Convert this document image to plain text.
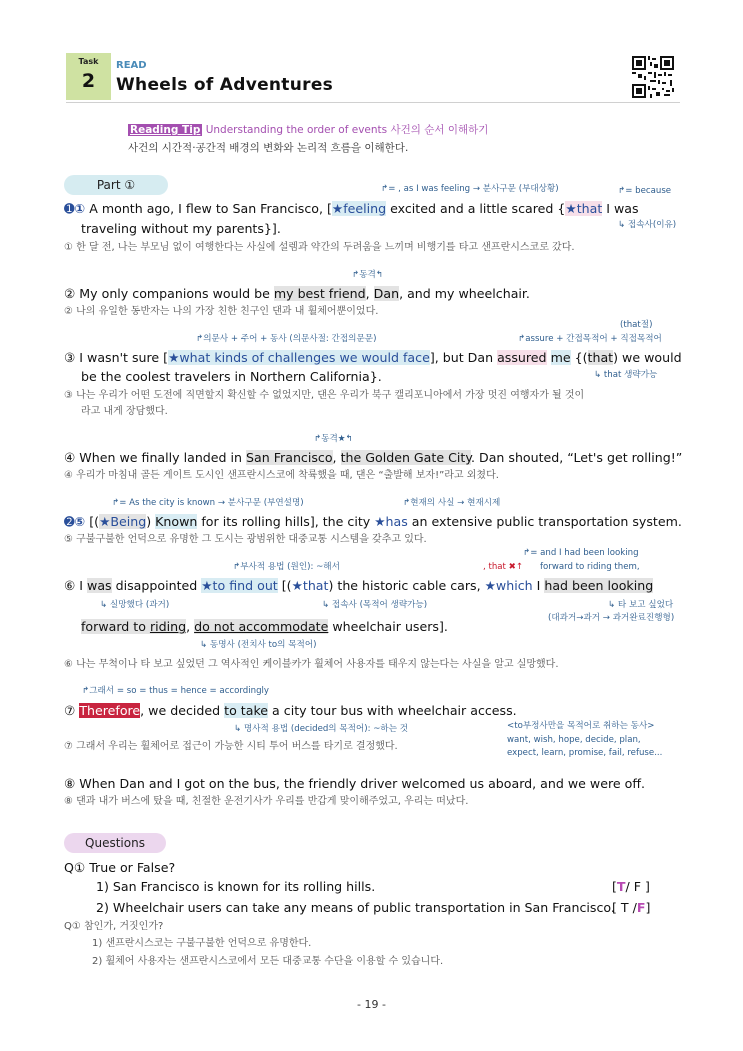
Task
2
READ
Wheels of Adventures
Reading Tip Understanding the order of events 사건의 순서 이해하기
사건의 시간적·공간적 배경의 변화와 논리적 흐름을 이해한다.
Part ①	↱= , as I was feeling → 분사구문 (부대상황)	↱= because
➊① A month ago, I flew to San Francisco, [★feeling excited and a little scared {★that I was
traveling without my parents}].	↳ 접속사(이유)
① 한 달 전, 나는 부모님 없이 여행한다는 사실에 설렘과 약간의 두려움을 느끼며 비행기를 타고 샌프란시스코로 갔다.
↱동격↰
② My only companions would be my best friend, Dan, and my wheelchair.
② 나의 유일한 동반자는 나의 가장 친한 친구인 댄과 내 휠체어뿐이었다.
(that절)
↱의문사 + 주어 + 동사 (의문사절: 간접의문문)	↱assure + 간접목적어 + 직접목적어
③ I wasn't sure [★what kinds of challenges we would face], but Dan assured me {(that) we would
be the coolest travelers in Northern California}.	↳ that 생략가능
③ 나는 우리가 어떤 도전에 직면할지 확신할 수 없었지만, 댄은 우리가 북구 캘리포니아에서 가장 멋진 여행자가 될 것이
라고 내게 장담했다.
↱동격★↰
④ When we finally landed in San Francisco, the Golden Gate City. Dan shouted, “Let's get rolling!”
④ 우리가 마침내 골든 게이트 도시인 샌프란시스코에 착륙했을 때, 댄은 “출발해 보자!”라고 외쳤다.
↱= As the city is known → 분사구문 (부연설명)	↱현재의 사실 → 현재시제
➋⑤ [(★Being) Known for its rolling hills], the city ★has an extensive public transportation system.
⑤ 구불구불한 언덕으로 유명한 그 도시는 광범위한 대중교통 시스템을 갖추고 있다.
↱= and I had been looking
↱부사적 용법 (원인): ~해서	, that ✖↑ forward to riding them,
⑥ I was disappointed ★to find out [(★that) the historic cable cars, ★which I had been looking
↳ 실망했다 (과거)	↳ 접속사 (목적어 생략가능)	↳ 타 보고 싶었다
(대과거→과거 → 과거완료진행형)
forward to riding, do not accommodate wheelchair users].
↳ 동명사 (전치사 to의 목적어)
⑥ 나는 무척이나 타 보고 싶었던 그 역사적인 케이블카가 휠체어 사용자를 태우지 않는다는 사실을 알고 실망했다.
↱그래서 = so = thus = hence = accordingly
⑦ Therefore, we decided to take a city tour bus with wheelchair access.
↳ 명사적 용법 (decided의 목적어): ~하는 것	<to부정사만을 목적어로 취하는 동사>
want, wish, hope, decide, plan,
expect, learn, promise, fail, refuse...
⑦ 그래서 우리는 휠체어로 접근이 가능한 시티 투어 버스를 타기로 결정했다.
⑧ When Dan and I got on the bus, the friendly driver welcomed us aboard, and we were off.
⑧ 댄과 내가 버스에 탔을 때, 친절한 운전기사가 우리를 반갑게 맞이해주었고, 우리는 떠났다.
Questions
Q① True or False?
1) San Francisco is known for its rolling hills.	[T/ F ]
2) Wheelchair users can take any means of public transportation in San Francisco.
[ T /F]
Q① 참인가, 거짓인가?
1) 샌프란시스코는 구불구불한 언덕으로 유명한다.
2) 휠체어 사용자는 샌프란시스코에서 모든 대중교통 수단을 이용할 수 있습니다.
- 19 -
